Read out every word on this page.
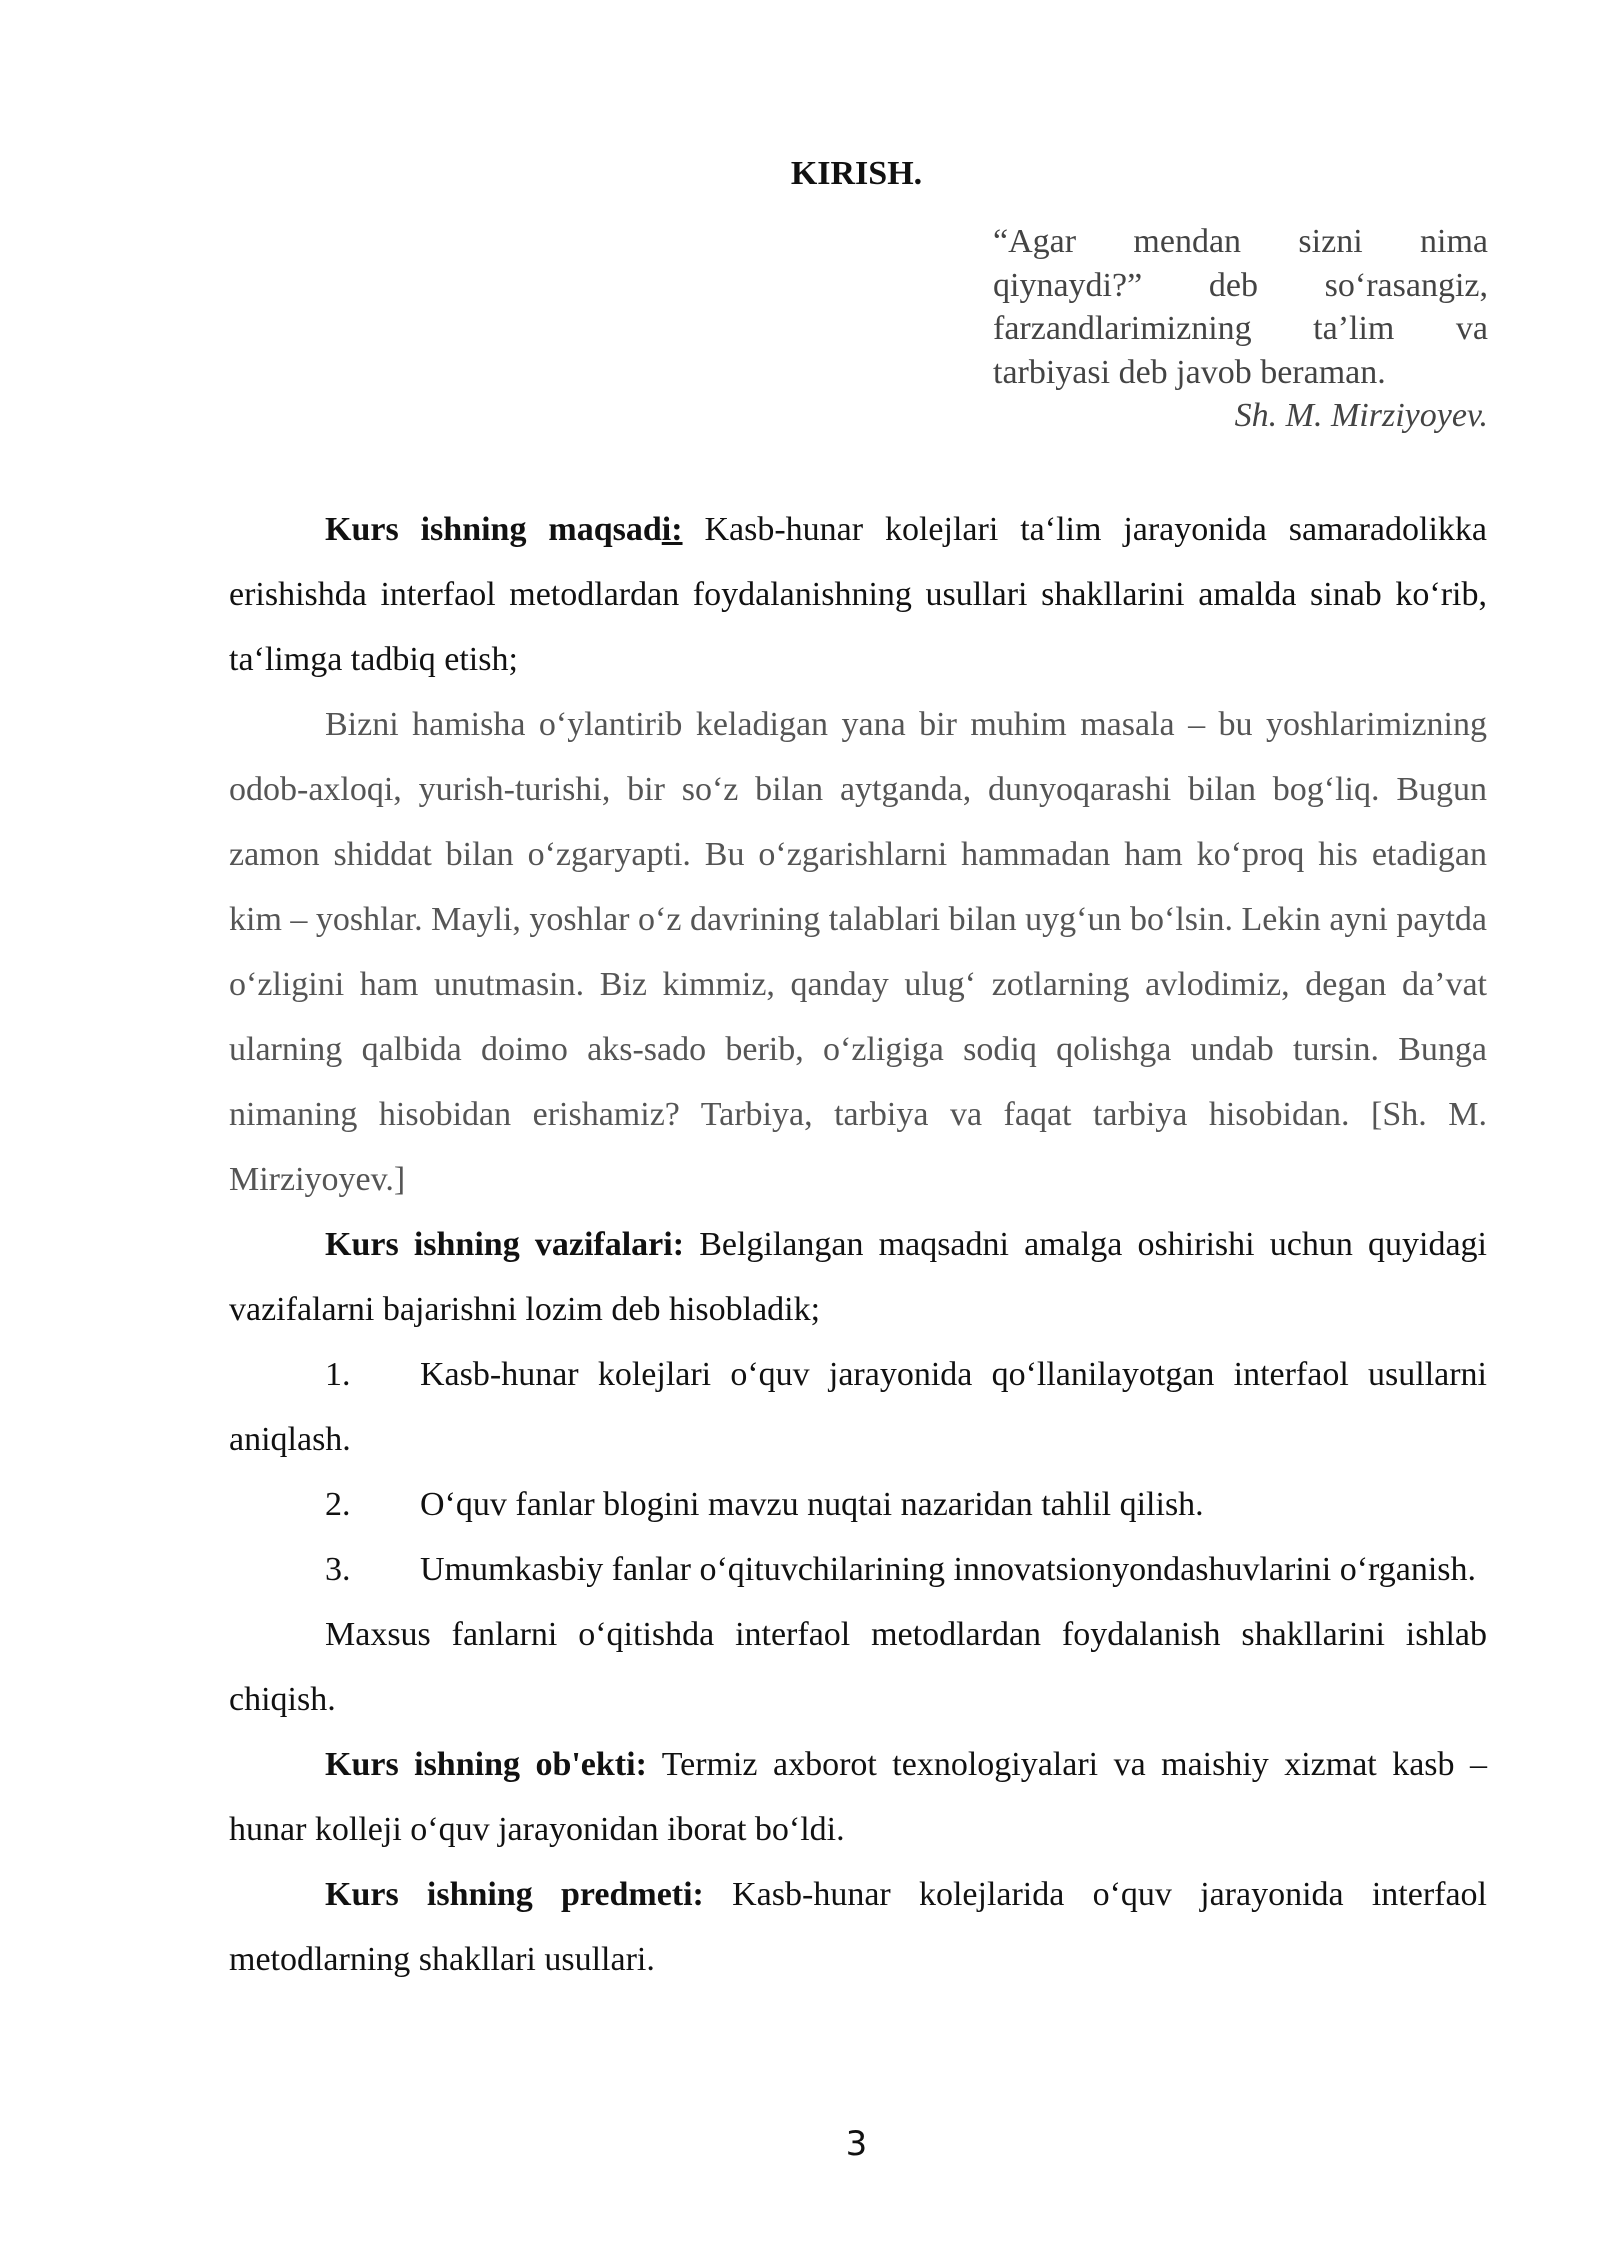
KIRISH.
“Agar mendan sizni nima
qiynaydi?” deb so‘rasangiz,
farzandlarimizning ta’lim va
tarbiyasi deb javob beraman.
Sh. M. Mirziyoyev.

Kurs ishning maqsadi: Kasb-hunar kolejlari ta‘lim jarayonida samaradolikka erishishda interfaol metodlardan foydalanishning usullari shakllarini amalda sinab ko‘rib, ta‘limga tadbiq etish;

Bizni hamisha o‘ylantirib keladigan yana bir muhim masala – bu yoshlarimizning odob-axloqi, yurish-turishi, bir so‘z bilan aytganda, dunyoqarashi bilan bog‘liq. Bugun zamon shiddat bilan o‘zgaryapti. Bu o‘zgarishlarni hammadan ham ko‘proq his etadigan kim – yoshlar. Mayli, yoshlar o‘z davrining talablari bilan uyg‘un bo‘lsin. Lekin ayni paytda o‘zligini ham unutmasin. Biz kimmiz, qanday ulug‘ zotlarning avlodimiz, degan da’vat ularning qalbida doimo aks-sado berib, o‘zligiga sodiq qolishga undab tursin. Bunga nimaning hisobidan erishamiz? Tarbiya, tarbiya va faqat tarbiya hisobidan. [Sh. M. Mirziyoyev.]

Kurs ishning vazifalari: Belgilangan maqsadni amalga oshirishi uchun quyidagi vazifalarni bajarishni lozim deb hisobladik;

1. Kasb-hunar kolejlari o‘quv jarayonida qo‘llanilayotgan interfaol usullarni aniqlash.

2. O‘quv fanlar blogini mavzu nuqtai nazaridan tahlil qilish.

3. Umumkasbiy fanlar o‘qituvchilarining innovatsionyondashuvlarini o‘rganish.

Maxsus fanlarni o‘qitishda interfaol metodlardan foydalanish shakllarini ishlab chiqish.

Kurs ishning ob'ekti: Termiz axborot texnologiyalari va maishiy xizmat kasb – hunar kolleji o‘quv jarayonidan iborat bo‘ldi.

Kurs ishning predmeti: Kasb-hunar kolejlarida o‘quv jarayonida interfaol metodlarning shakllari usullari.

3
